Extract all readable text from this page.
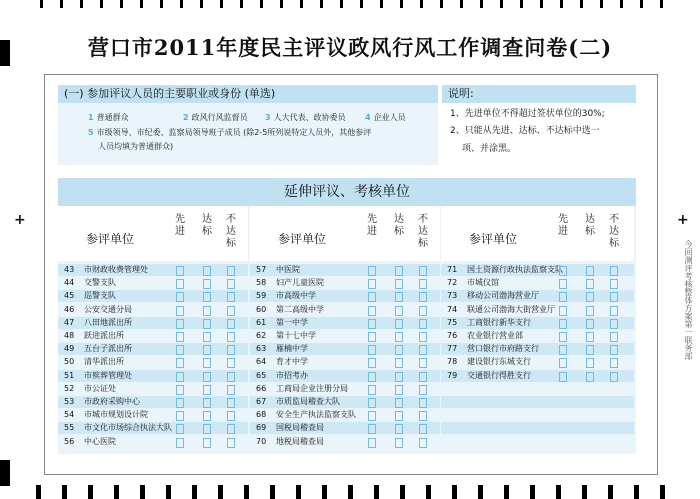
+	+
今回测评考核整体方案第一联务部
营口市2011年度民主评议政风行风工作调查问卷(二)
(一) 参加评议人员的主要职业或身份 (单选)
1 普通群众	2 政风行风监督员 3 人大代表、政协委员 4 企业人员
5 市级领导、市纪委、监察局领导班子成员 (除2-5所列说特定人员外，其他参评
人员均填为普通群众)
说明:
1、先进单位不得超过签状单位的30%;
2、只能从先进、达标、不达标中选一
项、并涂黑。
延伸评议、考核单位
参评单位
先
进
达
标
不
达
标
43 市财政收费管理处
44 交警支队
45 巡警支队
46 公安交通分局
47 八田地派出所
48 跃进派出所
49 五台子派出所
50 清华派出所
51 市殡葬管理处
52 市公证处
53 市政府采购中心
54 市城市规划设计院
55 市文化市场综合执法大队
56 中心医院
参评单位
先
进
达
标
不
达
标
57 中医院
58 妇产儿童医院
59 市高级中学
60 第二高级中学
61 第一中学
62 第十七中学
63 雁楠中学
64 育才中学
65 市招考办
66 工商局企业注册分局
67 市质监局稽查大队
68 安全生产执法监察支队
69 国税局稽查局
70 地税局稽查局
参评单位
先
进
达
标
不
达
标
71 国土资源行政执法监察支队
72 市城仪馆
73 移动公司渤海营业厅
74 联通公司渤海大街营业厅
75 工商银行新华支行
76 农业银行营业部
77 营口银行市府路支行
78 建设银行东城支行
79 交通银行得胜支行
